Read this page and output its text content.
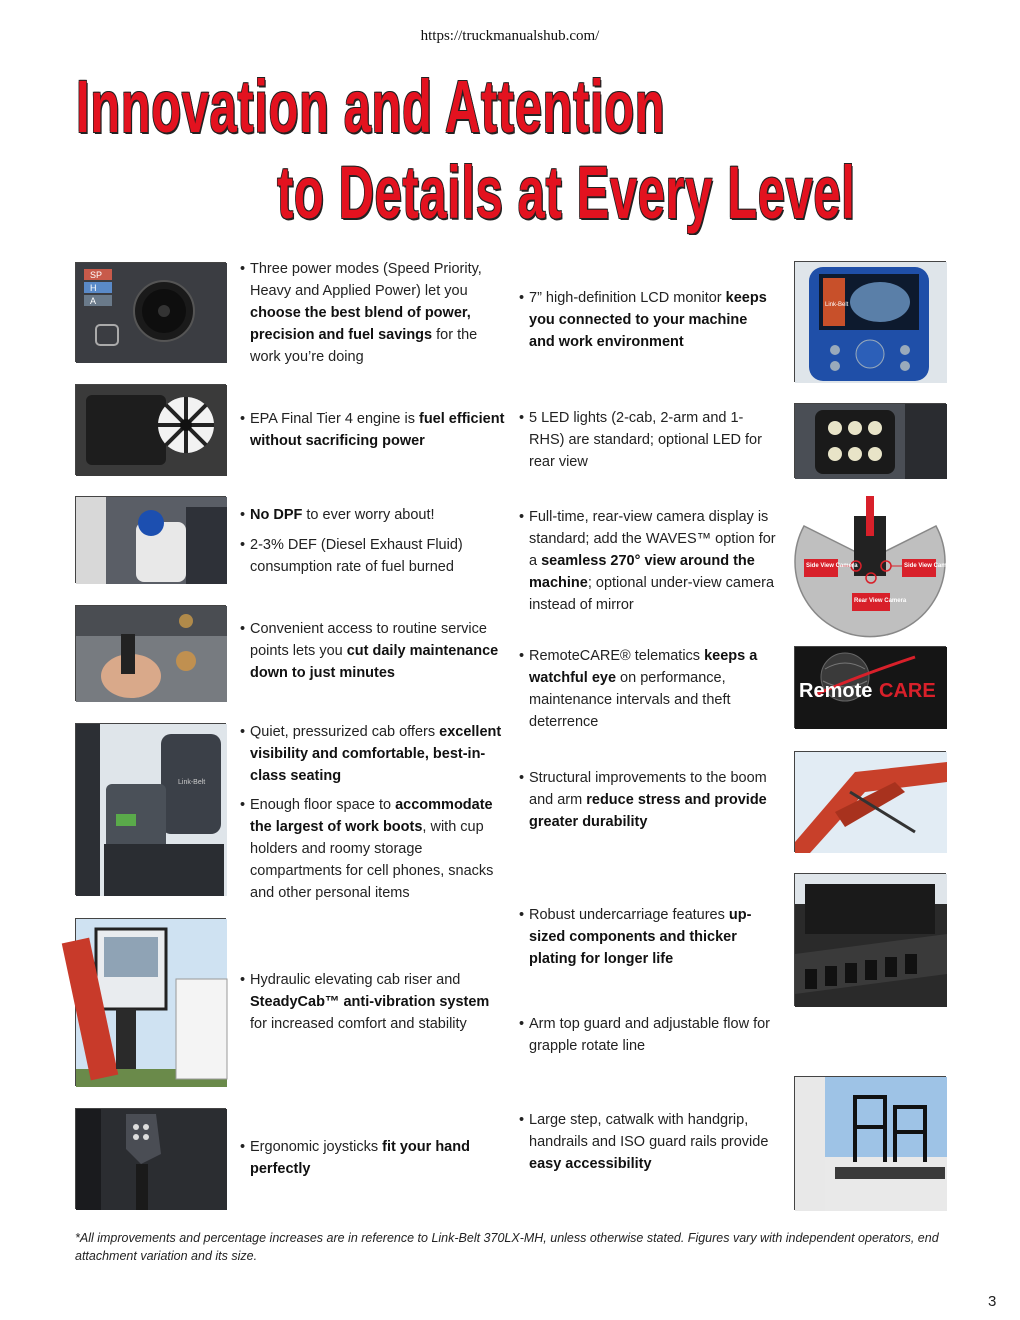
https://truckmanualshub.com/
Innovation and Attention
to Details at Every Level
SP
H
A
Link-Belt
• Three power modes (Speed Priority, Heavy and Applied Power) let you choose the best blend of power, precision and fuel savings for the work you’re doing
• EPA Final Tier 4 engine is fuel efficient without sacrificing power
• No DPF to ever worry about!
• 2-3% DEF (Diesel Exhaust Fluid) consumption rate of fuel burned
• Convenient access to routine service points lets you cut daily maintenance down to just minutes
• Quiet, pressurized cab offers excellent visibility and comfortable, best-in-class seating
• Enough floor space to accommodate the largest of work boots, with cup holders and roomy storage compartments for cell phones, snacks and other personal items
• Hydraulic elevating cab riser and SteadyCab™ anti-vibration system for increased comfort and stability
• Ergonomic joysticks fit your hand perfectly
• 7” high-definition LCD monitor keeps you connected to your machine and work environment
• 5 LED lights (2-cab, 2-arm and 1-RHS) are standard; optional LED for rear view
• Full-time, rear-view camera display is standard; add the WAVES™ option for a seamless 270° view around the machine; optional under-view camera instead of mirror
• RemoteCARE® telematics keeps a watchful eye on performance, maintenance intervals and theft deterrence
• Structural improvements to the boom and arm reduce stress and provide greater durability
• Robust undercarriage features up-sized components and thicker plating for longer life
• Arm top guard and adjustable flow for grapple rotate line
• Large step, catwalk with handgrip, handrails and ISO guard rails provide easy accessibility
Link-Belt
Side View Camera	Side View Camera
Rear View Camera
Remote CARE
*All improvements and percentage increases are in reference to Link-Belt 370LX-MH, unless otherwise stated. Figures vary with independent operators, end attachment variation and its size.
3
